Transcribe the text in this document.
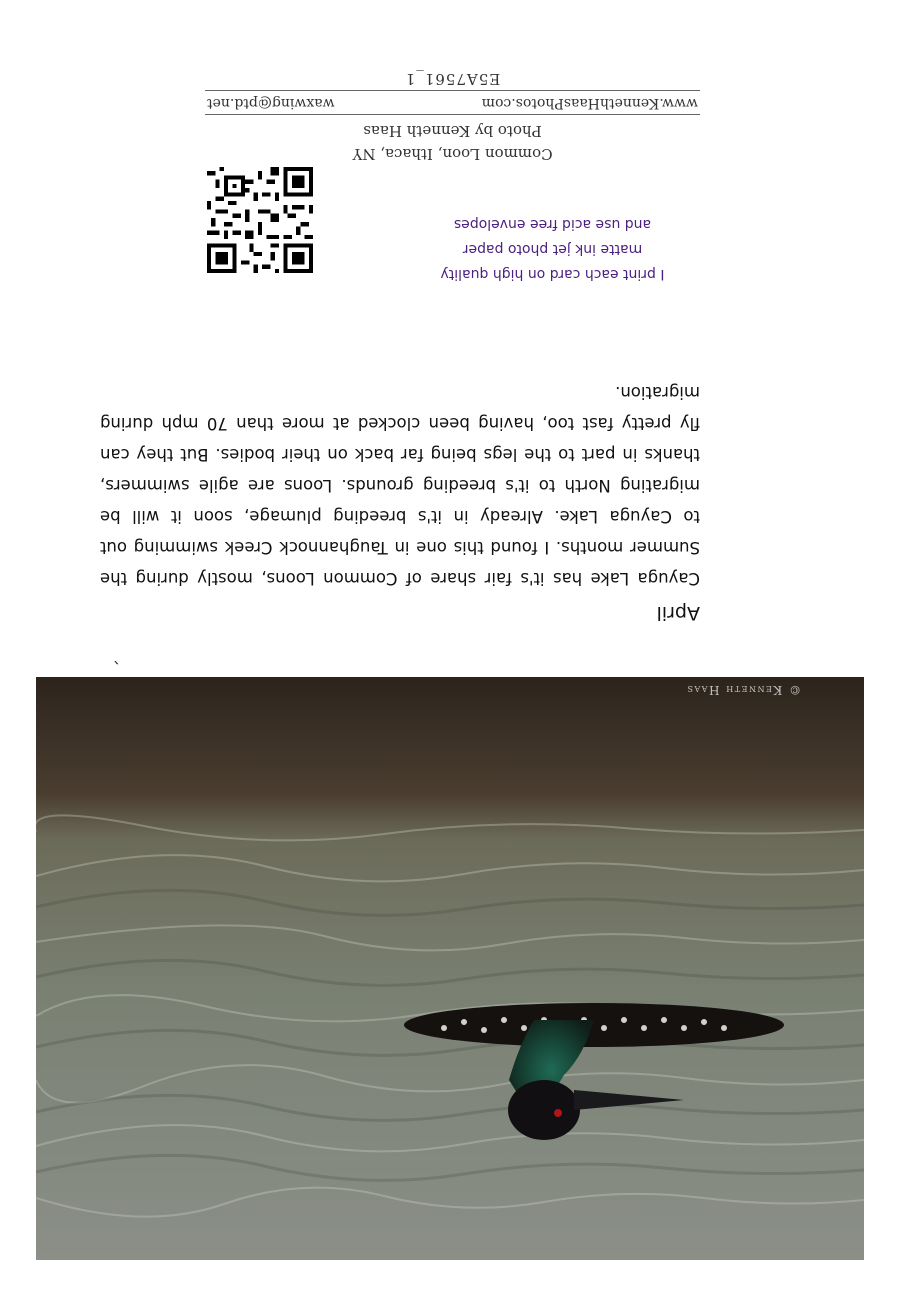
© Kenneth Haas
`
April

Cayuga Lake has it's fair share of Common Loons, mostly during the Summer months. I found this one in Taughannock Creek swimming out to Cayuga Lake. Already in it's breeding plumage, soon it will be migrating North to it's breeding grounds. Loons are agile swimmers, thanks in part to the legs being far back on their bodies. But they can fly pretty fast too, having been clocked at more than 70 mph during migration.

I print each card on high quality
matte ink jet photo paper
and use acid free envelopes
Common Loon, Ithaca, NY
Photo by Kenneth Haas
www.KennethHaasPhotos.com
waxwing@ptd.net
E5A7561_1
